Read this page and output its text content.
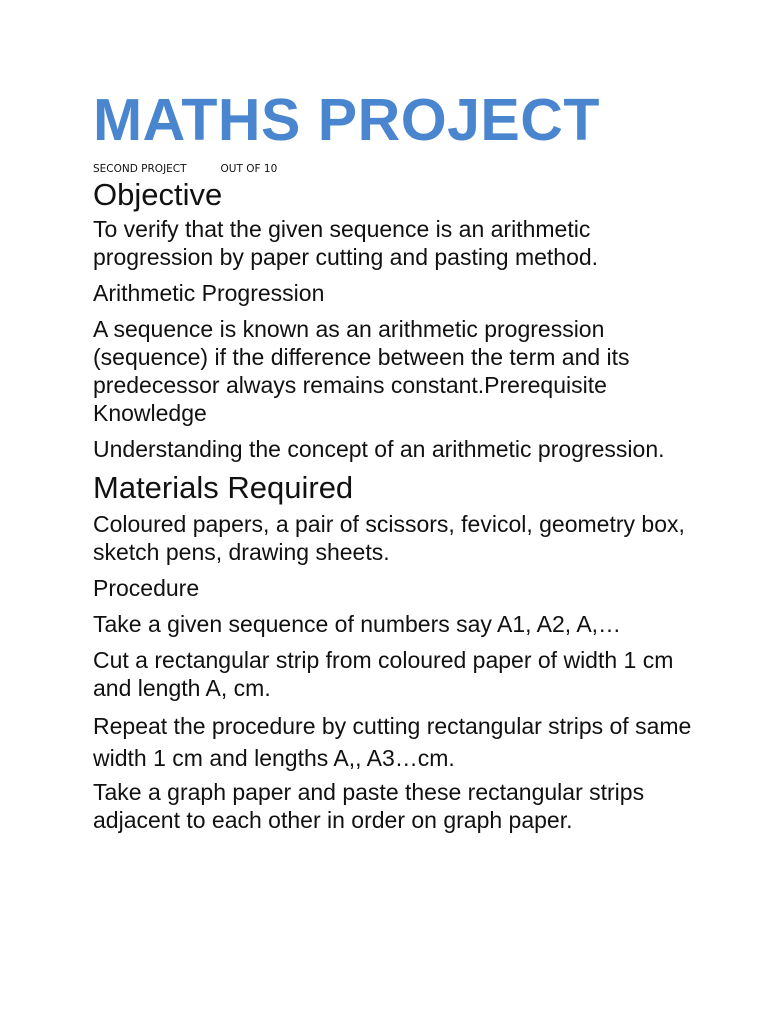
MATHS PROJECT
SECOND PROJECT	OUT OF 10
Objective

To verify that the given sequence is an arithmetic progression by paper cutting and pasting method.

Arithmetic Progression

A sequence is known as an arithmetic progression (sequence) if the difference between the term and its predecessor always remains constant.Prerequisite Knowledge

Understanding the concept of an arithmetic progression.

Materials Required

Coloured papers, a pair of scissors, fevicol, geometry box, sketch pens, drawing sheets.

Procedure

Take a given sequence of numbers say A1, A2, A,…

Cut a rectangular strip from coloured paper of width 1 cm and length A, cm.

Repeat the procedure by cutting rectangular strips of same width 1 cm and lengths A,, A3…cm.

Take a graph paper and paste these rectangular strips adjacent to each other in order on graph paper.
